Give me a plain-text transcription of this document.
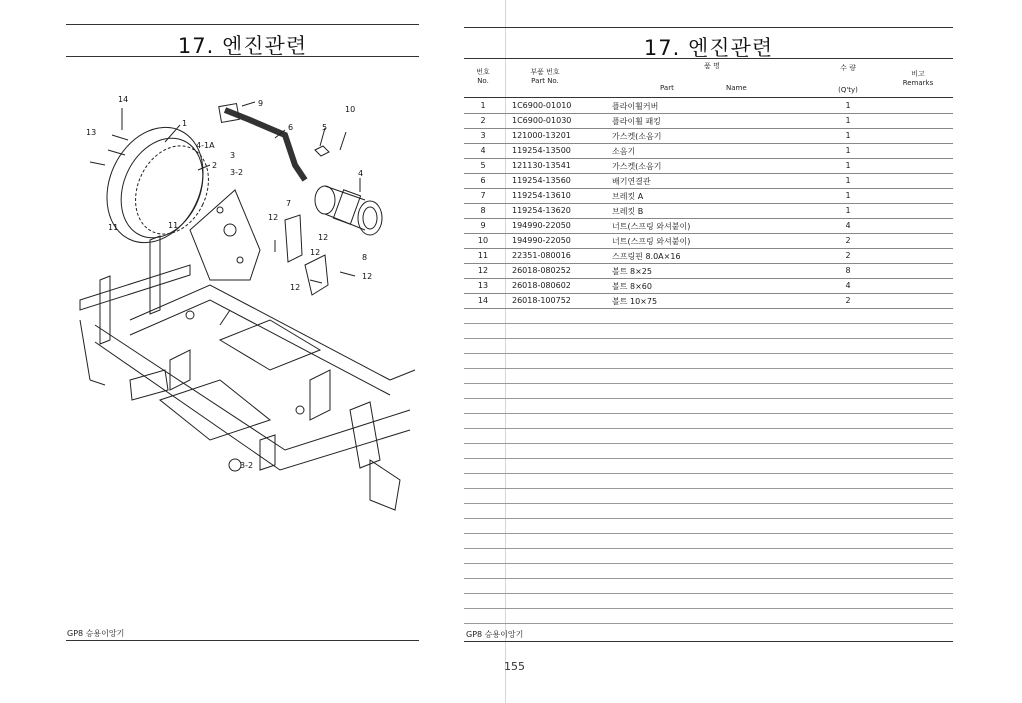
17. 엔진관련
14
13
1
9
4-1A
3
6
10
5
2
3-2	4
7
12
12
8
12
11	11
3-2
12
12
GP8 승용이앙기
17. 엔진관련
번호
No.
부품 번호
Part No.
품 명
Part	Name
수 량
(Q'ty)
비고
Remarks
1	1C6900-01010	플라이휠커버	1
2	1C6900-01030	플라이휠 패킹	1
3	121000-13201	가스켓(소음기	1
4	119254-13500	소음기	1
5	121130-13541	가스켓(소음기	1
6	119254-13560	배기연결관	1
7	119254-13610	브레킷 A	1
8	119254-13620	브레킷 B	1
9	194990-22050	너트(스프링 와셔붙이)	4
10	194990-22050	너트(스프링 와셔붙이)	2
11	22351-080016	스프링핀 8.0A×16	2
12	26018-080252	볼트 8×25	8
13	26018-080602	볼트 8×60	4
14	26018-100752	볼트 10×75	2
GP8 승용이앙기
155
